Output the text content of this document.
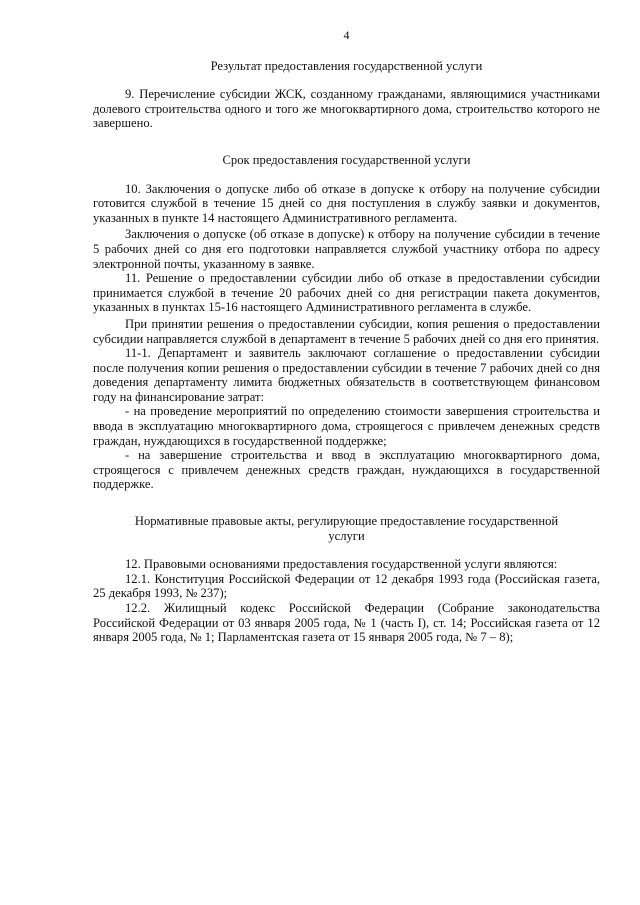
4
Результат предоставления государственной услуги

9. Перечисление субсидии ЖСК, созданному гражданами, являющимися участниками долевого строительства одного и того же многоквартирного дома, строительство которого не завершено.

Срок предоставления государственной услуги

10. Заключения о допуске либо об отказе в допуске к отбору на получение субсидии готовится службой в течение 15 дней со дня поступления в службу заявки и документов, указанных в пункте 14 настоящего Административного регламента.

Заключения о допуске (об отказе в допуске) к отбору на получение субсидии в течение 5 рабочих дней со дня его подготовки направляется службой участнику отбора по адресу электронной почты, указанному в заявке.

11. Решение о предоставлении субсидии либо об отказе в предоставлении субсидии принимается службой в течение 20 рабочих дней со дня регистрации пакета документов, указанных в пунктах 15-16 настоящего Административного регламента в службе.

При принятии решения о предоставлении субсидии, копия решения о предоставлении субсидии направляется службой в департамент в течение 5 рабочих дней со дня его принятия.

11-1. Департамент и заявитель заключают соглашение о предоставлении субсидии после получения копии решения о предоставлении субсидии в течение 7 рабочих дней со дня доведения департаменту лимита бюджетных обязательств в соответствующем финансовом году на финансирование затрат:

- на проведение мероприятий по определению стоимости завершения строительства и ввода в эксплуатацию многоквартирного дома, строящегося с привлечем денежных средств граждан, нуждающихся в государственной поддержке;

- на завершение строительства и ввод в эксплуатацию многоквартирного дома, строящегося с привлечем денежных средств граждан, нуждающихся в государственной поддержке.

Нормативные правовые акты, регулирующие предоставление государственной услуги

12. Правовыми основаниями предоставления государственной услуги являются:

12.1. Конституция Российской Федерации от 12 декабря 1993 года (Российская газета, 25 декабря 1993, № 237);

12.2. Жилищный кодекс Российской Федерации (Собрание законодательства Российской Федерации от 03 января 2005 года, № 1 (часть I), ст. 14; Российская газета от 12 января 2005 года, № 1; Парламентская газета от 15 января 2005 года, № 7 – 8);
